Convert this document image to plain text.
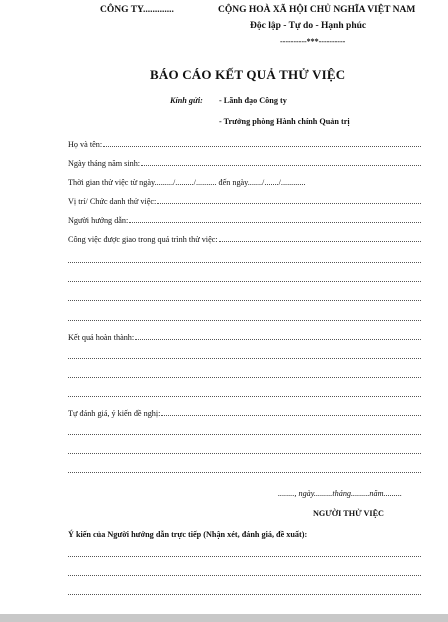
CÔNG TY.............	CỘNG HOÀ XÃ HỘI CHỦ NGHĨA VIỆT NAM
Độc lập - Tự do - Hạnh phúc
----------***----------
BÁO CÁO KẾT QUẢ THỬ VIỆC
Kính gửi: - Lãnh đạo Công ty
- Trưởng phòng Hành chính Quản trị
Họ và tên:
Ngày tháng năm sinh:
Thời gian thử việc từ ngày........./........./.......... đến ngày......./......./............
Vị trí/ Chức danh thử việc:
Người hướng dẫn:
Công việc được giao trong quá trình thử việc:
Kết quả hoàn thành:
Tự đánh giá, ý kiến đề nghị:
........, ngày.........tháng.........năm.........
NGƯỜI THỬ VIỆC
Ý kiến của Người hướng dẫn trực tiếp (Nhận xét, đánh giá, đề xuất):
